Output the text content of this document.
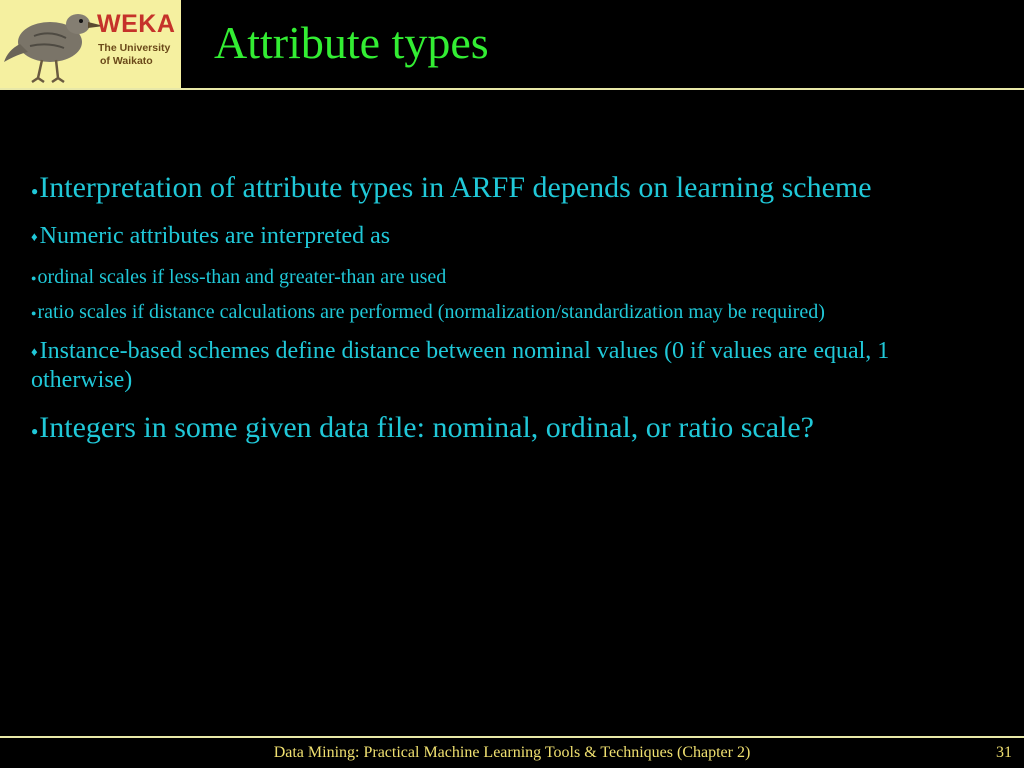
WEKA
The University
of Waikato Attribute types

●Interpretation of attribute types in ARFF depends on learning scheme

♦Numeric attributes are interpreted as

●ordinal scales if less-than and greater-than are used

●ratio scales if distance calculations are performed (normalization/standardization may be required)

♦Instance-based schemes define distance between nominal values (0 if values are equal, 1 otherwise)

●Integers in some given data file: nominal, ordinal, or ratio scale?

Data Mining: Practical Machine Learning Tools & Techniques (Chapter 2)	31
